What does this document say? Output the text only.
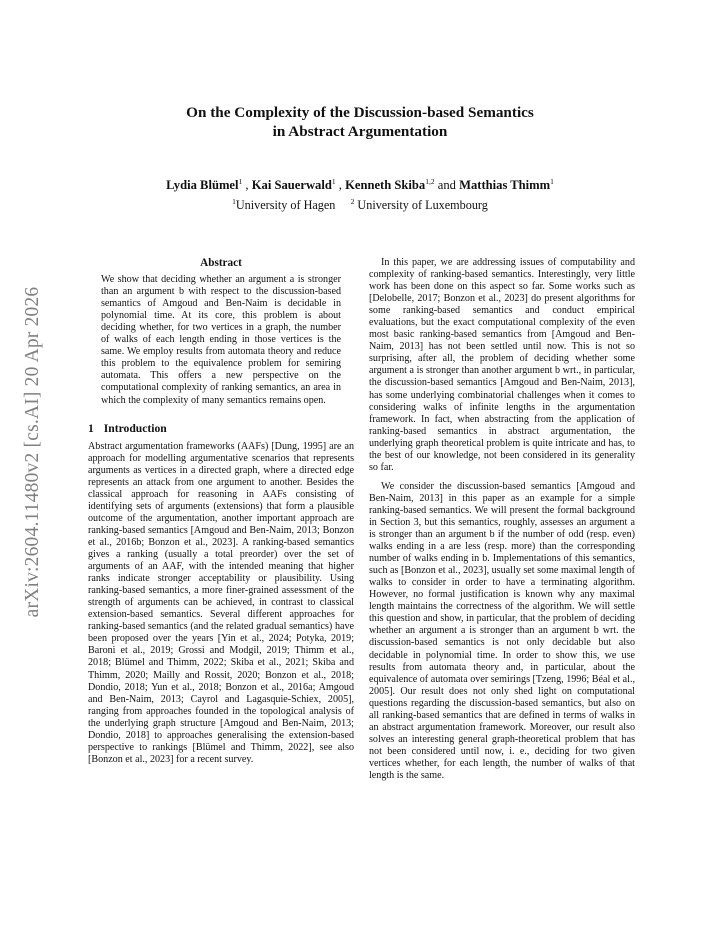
arXiv:2604.11480v2 [cs.AI] 20 Apr 2026
On the Complexity of the Discussion-based Semantics
in Abstract Argumentation
Lydia Blümel$^1$ , Kai Sauerwald$^1$ , Kenneth Skiba$^{1,2}$ and Matthias Thimm$^1$
$^1$University of Hagen $^2$ University of Luxembourg
Abstract

We show that deciding whether an argument a is stronger than an argument b with respect to the discussion-based semantics of Amgoud and Ben-Naim is decidable in polynomial time. At its core, this problem is about deciding whether, for two vertices in a graph, the number of walks of each length ending in those vertices is the same. We employ results from automata theory and reduce this problem to the equivalence problem for semiring automata. This offers a new perspective on the computational complexity of ranking semantics, an area in which the complexity of many semantics remains open.

1 Introduction

Abstract argumentation frameworks (AAFs) [Dung, 1995] are an approach for modelling argumentative scenarios that represents arguments as vertices in a directed graph, where a directed edge represents an attack from one argument to another. Besides the classical approach for reasoning in AAFs consisting of identifying sets of arguments (extensions) that form a plausible outcome of the argumentation, another important approach are ranking-based semantics [Amgoud and Ben-Naim, 2013; Bonzon et al., 2016b; Bonzon et al., 2023]. A ranking-based semantics gives a ranking (usually a total preorder) over the set of arguments of an AAF, with the intended meaning that higher ranks indicate stronger acceptability or plausibility. Using ranking-based semantics, a more finer-grained assessment of the strength of arguments can be achieved, in contrast to classical extension-based semantics. Several different approaches for ranking-based semantics (and the related gradual semantics) have been proposed over the years [Yin et al., 2024; Potyka, 2019; Baroni et al., 2019; Grossi and Modgil, 2019; Thimm et al., 2018; Blümel and Thimm, 2022; Skiba et al., 2021; Skiba and Thimm, 2020; Mailly and Rossit, 2020; Bonzon et al., 2018; Dondio, 2018; Yun et al., 2018; Bonzon et al., 2016a; Amgoud and Ben-Naim, 2013; Cayrol and Lagasquie-Schiex, 2005], ranging from approaches founded in the topological analysis of the underlying graph structure [Amgoud and Ben-Naim, 2013; Dondio, 2018] to approaches generalising the extension-based perspective to rankings [Blümel and Thimm, 2022], see also [Bonzon et al., 2023] for a recent survey.

In this paper, we are addressing issues of computability and complexity of ranking-based semantics. Interestingly, very little work has been done on this aspect so far. Some works such as [Delobelle, 2017; Bonzon et al., 2023] do present algorithms for some ranking-based semantics and conduct empirical evaluations, but the exact computational complexity of the even most basic ranking-based semantics from [Amgoud and Ben-Naim, 2013] has not been settled until now. This is not so surprising, after all, the problem of deciding whether some argument a is stronger than another argument b wrt., in particular, the discussion-based semantics [Amgoud and Ben-Naim, 2013], has some underlying combinatorial challenges when it comes to considering walks of infinite lengths in the argumentation framework. In fact, when abstracting from the application of ranking-based semantics in abstract argumentation, the underlying graph theoretical problem is quite intricate and has, to the best of our knowledge, not been considered in its generality so far.

We consider the discussion-based semantics [Amgoud and Ben-Naim, 2013] in this paper as an example for a simple ranking-based semantics. We will present the formal background in Section 3, but this semantics, roughly, assesses an argument a is stronger than an argument b if the number of odd (resp. even) walks ending in a are less (resp. more) than the corresponding number of walks ending in b. Implementations of this semantics, such as [Bonzon et al., 2023], usually set some maximal length of walks to consider in order to have a terminating algorithm. However, no formal justification is known why any maximal length maintains the correctness of the algorithm. We will settle this question and show, in particular, that the problem of deciding whether an argument a is stronger than an argument b wrt. the discussion-based semantics is not only decidable but also decidable in polynomial time. In order to show this, we use results from automata theory and, in particular, about the equivalence of automata over semirings [Tzeng, 1996; Béal et al., 2005]. Our result does not only shed light on computational questions regarding the discussion-based semantics, but also on all ranking-based semantics that are defined in terms of walks in an abstract argumentation framework. Moreover, our result also solves an interesting general graph-theoretical problem that has not been considered until now, i. e., deciding for two given vertices whether, for each length, the number of walks of that length is the same.
